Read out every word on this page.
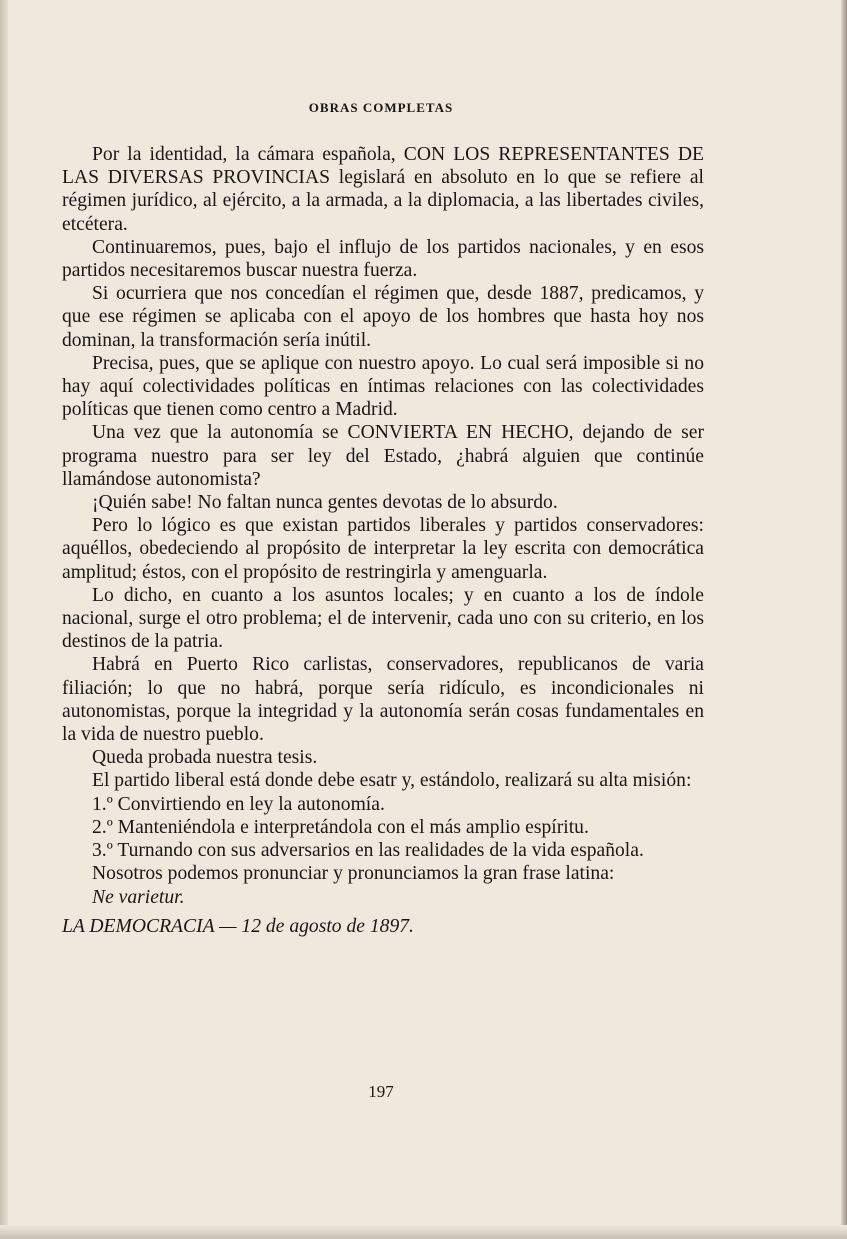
OBRAS COMPLETAS

Por la identidad, la cámara española, CON LOS REPRESENTANTES DE LAS DIVERSAS PROVINCIAS legislará en absoluto en lo que se refiere al régimen jurídico, al ejército, a la armada, a la diplomacia, a las libertades civiles, etcétera.

Continuaremos, pues, bajo el influjo de los partidos nacionales, y en esos partidos necesitaremos buscar nuestra fuerza.

Si ocurriera que nos concedían el régimen que, desde 1887, predicamos, y que ese régimen se aplicaba con el apoyo de los hombres que hasta hoy nos dominan, la transformación sería inútil.

Precisa, pues, que se aplique con nuestro apoyo. Lo cual será imposible si no hay aquí colectividades políticas en íntimas relaciones con las colectividades políticas que tienen como centro a Madrid.

Una vez que la autonomía se CONVIERTA EN HECHO, dejando de ser programa nuestro para ser ley del Estado, ¿habrá alguien que continúe llamándose autonomista?

¡Quién sabe! No faltan nunca gentes devotas de lo absurdo.

Pero lo lógico es que existan partidos liberales y partidos conservadores: aquéllos, obedeciendo al propósito de interpretar la ley escrita con democrática amplitud; éstos, con el propósito de restringirla y amenguarla.

Lo dicho, en cuanto a los asuntos locales; y en cuanto a los de índole nacional, surge el otro problema; el de intervenir, cada uno con su criterio, en los destinos de la patria.

Habrá en Puerto Rico carlistas, conservadores, republicanos de varia filiación; lo que no habrá, porque sería ridículo, es incondicionales ni autonomistas, porque la integridad y la autonomía serán cosas fundamentales en la vida de nuestro pueblo.

Queda probada nuestra tesis.

El partido liberal está donde debe esatr y, estándolo, realizará su alta misión:

1.º Convirtiendo en ley la autonomía.

2.º Manteniéndola e interpretándola con el más amplio espíritu.

3.º Turnando con sus adversarios en las realidades de la vida española.

Nosotros podemos pronunciar y pronunciamos la gran frase latina:

Ne varietur.

LA DEMOCRACIA — 12 de agosto de 1897.

197
